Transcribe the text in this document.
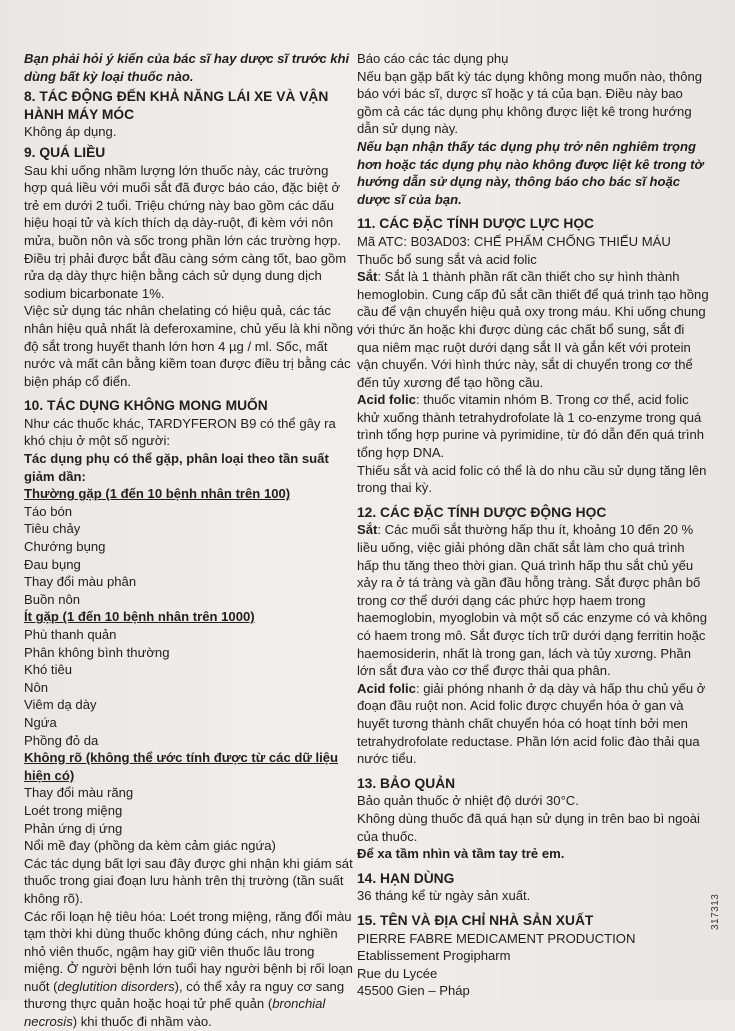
Bạn phải hỏi ý kiến của bác sĩ hay dược sĩ trước khi dùng bất kỳ loại thuốc nào.

8. TÁC ĐỘNG ĐẾN KHẢ NĂNG LÁI XE VÀ VẬN HÀNH MÁY MÓC

Không áp dụng.

9. QUÁ LIỀU

Sau khi uống nhầm lượng lớn thuốc này, các trường hợp quá liều với muối sắt đã được báo cáo, đặc biệt ở trẻ em dưới 2 tuổi. Triệu chứng này bao gồm các dấu hiệu hoại tử và kích thích dạ dày-ruột, đi kèm với nôn mửa, buồn nôn và sốc trong phần lớn các trường hợp.

Điều trị phải được bắt đầu càng sớm càng tốt, bao gồm rửa dạ dày thực hiện bằng cách sử dụng dung dịch sodium bicarbonate 1%.

Việc sử dụng tác nhân chelating có hiệu quả, các tác nhân hiệu quả nhất là deferoxamine, chủ yếu là khi nồng độ sắt trong huyết thanh lớn hơn 4 µg / ml. Sốc, mất nước và mất cân bằng kiềm toan được điều trị bằng các biện pháp cổ điển.

10. TÁC DỤNG KHÔNG MONG MUỐN

Như các thuốc khác, TARDYFERON B9 có thể gây ra khó chịu ở một số người:

Tác dụng phụ có thể gặp, phân loại theo tần suất giảm dần:

Thường gặp (1 đến 10 bệnh nhân trên 100)

Táo bón

Tiêu chảy

Chướng bụng

Đau bụng

Thay đổi màu phân

Buồn nôn

Ít gặp (1 đến 10 bệnh nhân trên 1000)

Phù thanh quản

Phân không bình thường

Khó tiêu

Nôn

Viêm dạ dày

Ngứa

Phồng đỏ da

Không rõ (không thể ước tính được từ các dữ liệu hiện có)

Thay đổi màu răng

Loét trong miệng

Phản ứng dị ứng

Nổi mề đay (phồng da kèm cảm giác ngứa)

Các tác dụng bất lợi sau đây được ghi nhận khi giám sát thuốc trong giai đoạn lưu hành trên thị trường (tần suất không rõ).

Các rối loạn hệ tiêu hóa: Loét trong miệng, răng đổi màu tạm thời khi dùng thuốc không đúng cách, như nghiền nhỏ viên thuốc, ngậm hay giữ viên thuốc lâu trong miệng. Ở người bệnh lớn tuổi hay người bệnh bị rối loạn nuốt (deglutition disorders), có thể xảy ra nguy cơ sang thương thực quản hoặc hoại tử phế quản (bronchial necrosis) khi thuốc đi nhầm vào.

Báo cáo các tác dụng phụ

Nếu bạn gặp bất kỳ tác dụng không mong muốn nào, thông báo với bác sĩ, dược sĩ hoặc y tá của bạn. Điều này bao gồm cả các tác dụng phụ không được liệt kê trong hướng dẫn sử dụng này.

Nếu bạn nhận thấy tác dụng phụ trở nên nghiêm trọng hơn hoặc tác dụng phụ nào không được liệt kê trong tờ hướng dẫn sử dụng này, thông báo cho bác sĩ hoặc dược sĩ của bạn.

11. CÁC ĐẶC TÍNH DƯỢC LỰC HỌC

Mã ATC: B03AD03: CHẾ PHẨM CHỐNG THIẾU MÁU

Thuốc bổ sung sắt và acid folic

Sắt: Sắt là 1 thành phần rất cần thiết cho sự hình thành hemoglobin. Cung cấp đủ sắt cần thiết để quá trình tạo hồng cầu để vận chuyển hiệu quả oxy trong máu. Khi uống chung với thức ăn hoặc khi được dùng các chất bổ sung, sắt đi qua niêm mạc ruột dưới dạng sắt II và gắn kết với protein vận chuyển. Với hình thức này, sắt di chuyển trong cơ thể đến tủy xương để tạo hồng cầu.

Acid folic: thuốc vitamin nhóm B. Trong cơ thể, acid folic khử xuống thành tetrahydrofolate là 1 co-enzyme trong quá trình tổng hợp purine và pyrimidine, từ đó dẫn đến quá trình tổng hợp DNA.

Thiếu sắt và acid folic có thể là do nhu cầu sử dụng tăng lên trong thai kỳ.

12. CÁC ĐẶC TÍNH DƯỢC ĐỘNG HỌC

Sắt: Các muối sắt thường hấp thu ít, khoảng 10 đến 20 % liều uống, việc giải phóng dần chất sắt làm cho quá trình hấp thu tăng theo thời gian. Quá trình hấp thu sắt chủ yếu xảy ra ở tá tràng và gần đầu hỗng tràng. Sắt được phân bố trong cơ thể dưới dạng các phức hợp haem trong haemoglobin, myoglobin và một số các enzyme có và không có haem trong mô. Sắt được tích trữ dưới dạng ferritin hoặc haemosiderin, nhất là trong gan, lách và tủy xương. Phần lớn sắt đưa vào cơ thể được thải qua phân.

Acid folic: giải phóng nhanh ở dạ dày và hấp thu chủ yếu ở đoạn đầu ruột non. Acid folic được chuyển hóa ở gan và huyết tương thành chất chuyển hóa có hoạt tính bởi men tetrahydrofolate reductase. Phần lớn acid folic đào thải qua nước tiểu.

13. BẢO QUẢN

Bảo quản thuốc ở nhiệt độ dưới 30°C.

Không dùng thuốc đã quá hạn sử dụng in trên bao bì ngoài của thuốc.

Để xa tầm nhìn và tầm tay trẻ em.

14. HẠN DÙNG

36 tháng kể từ ngày sản xuất.

15. TÊN VÀ ĐỊA CHỈ NHÀ SẢN XUẤT

PIERRE FABRE MEDICAMENT PRODUCTION

Etablissement Progipharm

Rue du Lycée

45500 Gien – Pháp

317313
